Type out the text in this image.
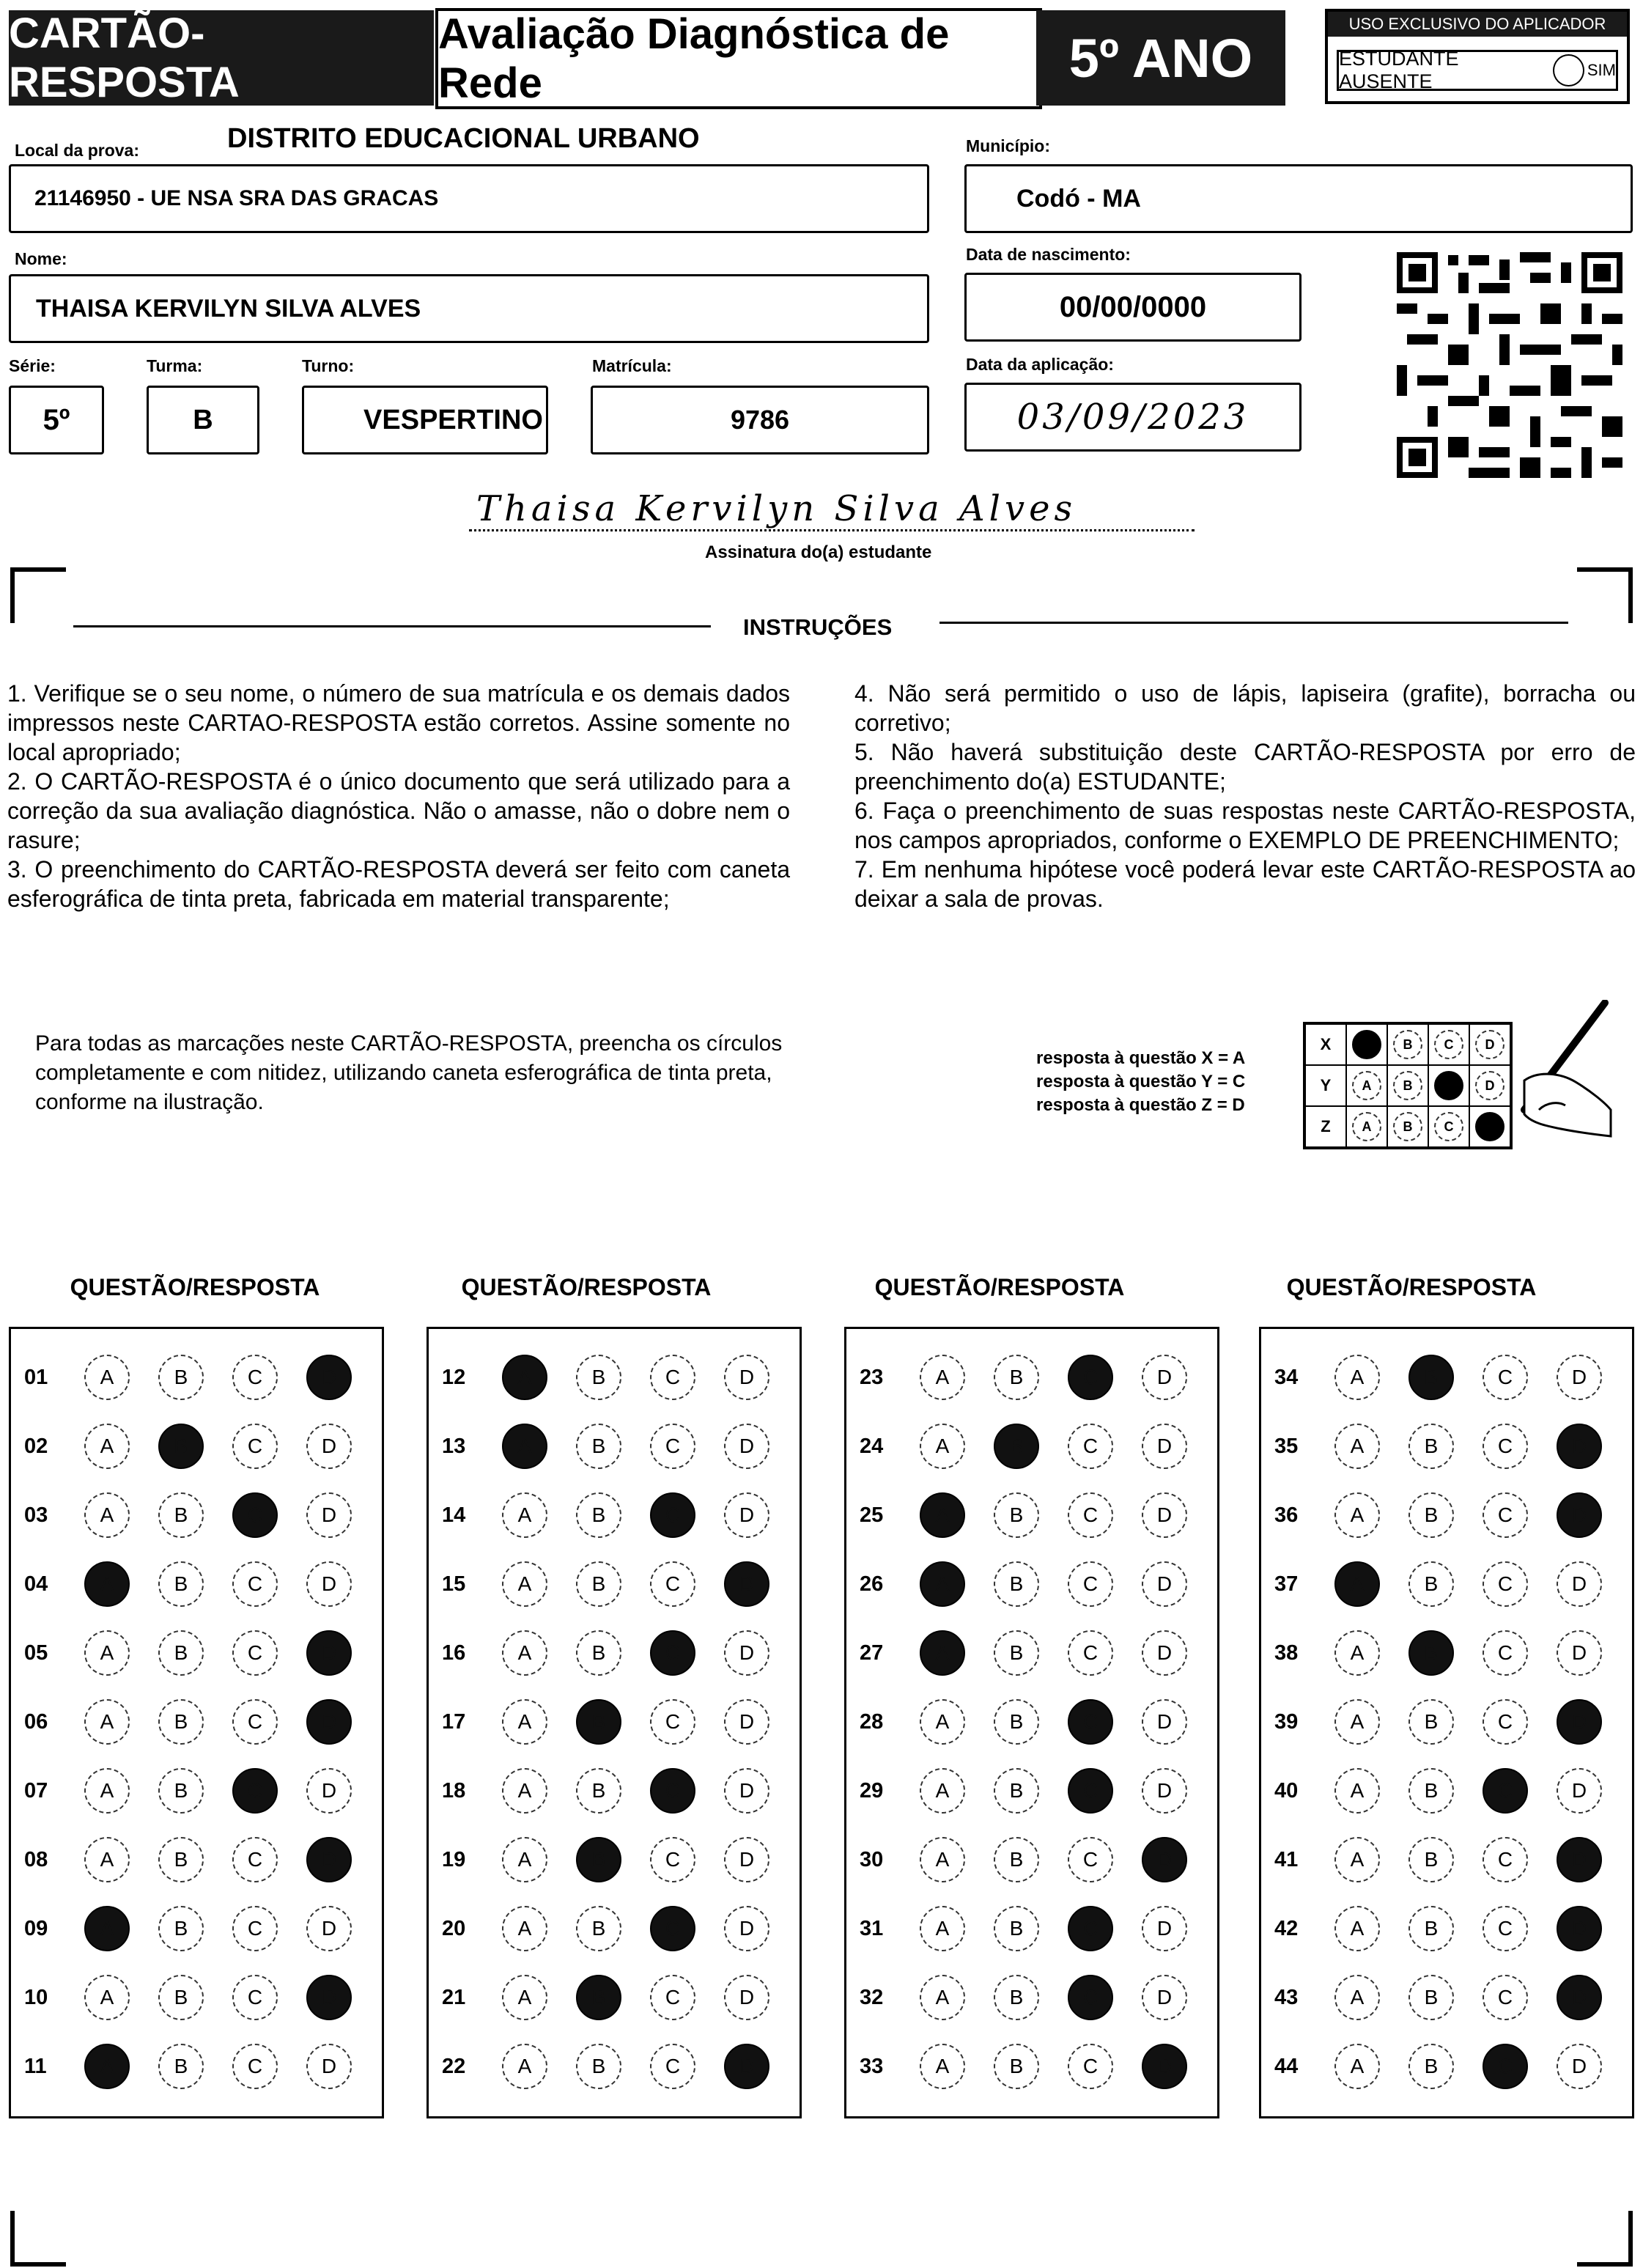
CARTÃO-RESPOSTA
Avaliação Diagnóstica de Rede	5º ANO
USO EXCLUSIVO DO APLICADOR
ESTUDANTE AUSENTE
SIM
Local da prova:	DISTRITO EDUCACIONAL URBANO
21146950 - UE NSA SRA DAS GRACAS
Município:
Codó - MA
Nome:
THAISA KERVILYN SILVA ALVES
Data de nascimento:
00/00/0000
Série:
5º
Turma:
B
Turno:
VESPERTINO
Matrícula:
9786
Data da aplicação:
03/09/2023
Thaisa Kervilyn Silva Alves
Assinatura do(a) estudante
INSTRUÇÕES

1. Verifique se o seu nome, o número de sua matrícula e os demais dados impressos neste CARTAO-RESPOSTA estão corretos. Assine somente no local apropriado;

2. O CARTÃO-RESPOSTA é o único documento que será utilizado para a correção da sua avaliação diagnóstica. Não o amasse, não o dobre nem o rasure;

3. O preenchimento do CARTÃO-RESPOSTA deverá ser feito com caneta esferográfica de tinta preta, fabricada em material transparente;

4. Não será permitido o uso de lápis, lapiseira (grafite), borracha ou corretivo;

5. Não haverá substituição deste CARTÃO-RESPOSTA por erro de preenchimento do(a) ESTUDANTE;

6. Faça o preenchimento de suas respostas neste CARTÃO-RESPOSTA, nos campos apropriados, conforme o EXEMPLO DE PREENCHIMENTO;

7. Em nenhuma hipótese você poderá levar este CARTÃO-RESPOSTA ao deixar a sala de provas.

Para todas as marcações neste CARTÃO-RESPOSTA, preencha os círculos completamente e com nitidez, utilizando caneta esferográfica de tinta preta, conforme na ilustração.
resposta à questão X = A
resposta à questão Y = C
resposta à questão Z = D
X	A	B	C	D
Y	A	B	C	D
Z	A	B	C	D
QUESTÃO/RESPOSTA
01	A	B	C	D
02	A	B	C	D
03	A	B	C	D
04	A	B	C	D
05	A	B	C	D
06	A	B	C	D
07	A	B	C	D
08	A	B	C	D
09	A	B	C	D
10	A	B	C	D
11	A	B	C	D
QUESTÃO/RESPOSTA
12	A	B	C	D
13	A	B	C	D
14	A	B	C	D
15	A	B	C	D
16	A	B	C	D
17	A	B	C	D
18	A	B	C	D
19	A	B	C	D
20	A	B	C	D
21	A	B	C	D
22	A	B	C	D
QUESTÃO/RESPOSTA
23	A	B	C	D
24	A	B	C	D
25	A	B	C	D
26	A	B	C	D
27	A	B	C	D
28	A	B	C	D
29	A	B	C	D
30	A	B	C	D
31	A	B	C	D
32	A	B	C	D
33	A	B	C	D
QUESTÃO/RESPOSTA
34	A	B	C	D
35	A	B	C	D
36	A	B	C	D
37	A	B	C	D
38	A	B	C	D
39	A	B	C	D
40	A	B	C	D
41	A	B	C	D
42	A	B	C	D
43	A	B	C	D
44	A	B	C	D
